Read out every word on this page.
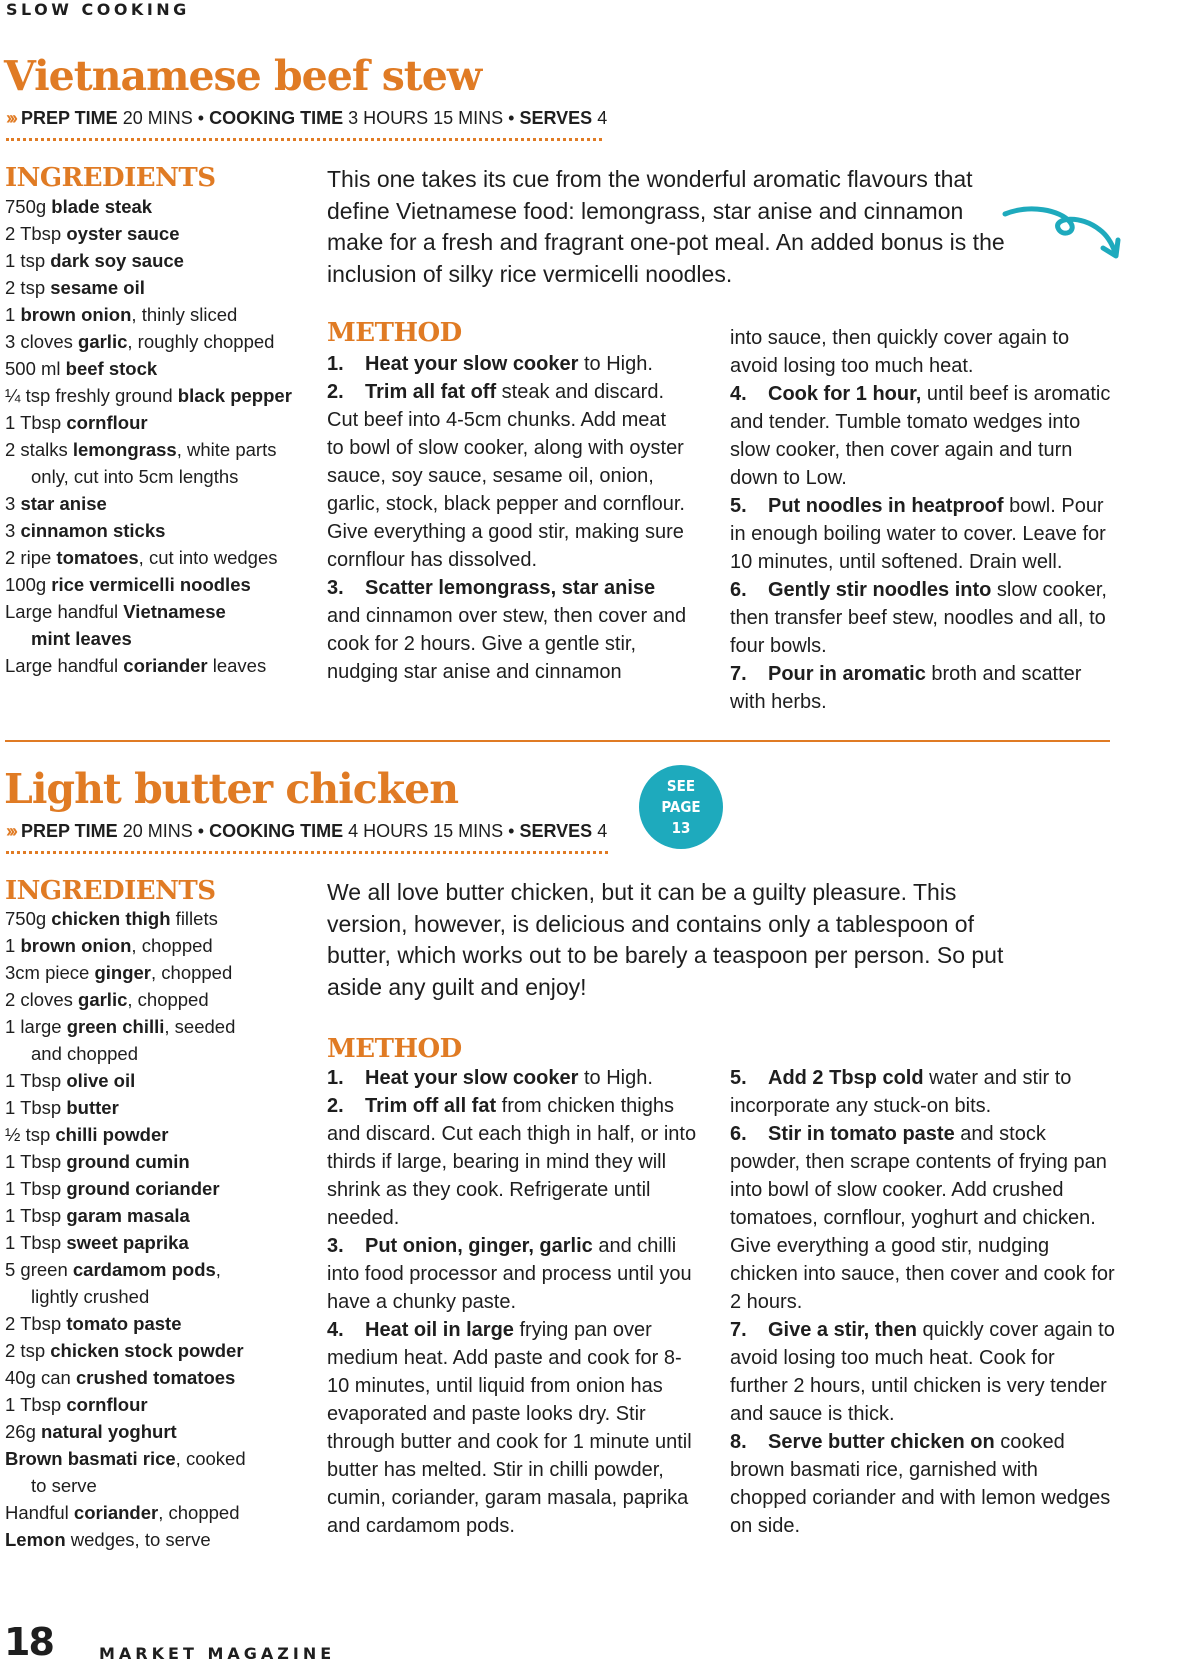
SLOW COOKING
Vietnamese beef stew
››› PREP TIME 20 MINS • COOKING TIME 3 HOURS 15 MINS • SERVES 4
INGREDIENTS
750g blade steak
2 Tbsp oyster sauce
1 tsp dark soy sauce
2 tsp sesame oil
1 brown onion, thinly sliced
3 cloves garlic, roughly chopped
500 ml beef stock
¼ tsp freshly ground black pepper
1 Tbsp cornflour
2 stalks lemongrass, white parts
only, cut into 5cm lengths
3 star anise
3 cinnamon sticks
2 ripe tomatoes, cut into wedges
100g rice vermicelli noodles
Large handful Vietnamese
mint leaves
Large handful coriander leaves
This one takes its cue from the wonderful aromatic flavours that define Vietnamese food: lemongrass, star anise and cinnamon make for a fresh and fragrant one-pot meal. An added bonus is the inclusion of silky rice vermicelli noodles.
METHOD
1. Heat your slow cooker to High.
2. Trim all fat off steak and discard. Cut beef into 4-5cm chunks. Add meat to bowl of slow cooker, along with oyster sauce, soy sauce, sesame oil, onion, garlic, stock, black pepper and cornflour. Give everything a good stir, making sure cornflour has dissolved.
3. Scatter lemongrass, star anise and cinnamon over stew, then cover and cook for 2 hours. Give a gentle stir, nudging star anise and cinnamon
into sauce, then quickly cover again to avoid losing too much heat.
4. Cook for 1 hour, until beef is aromatic and tender. Tumble tomato wedges into slow cooker, then cover again and turn down to Low.
5. Put noodles in heatproof bowl. Pour in enough boiling water to cover. Leave for 10 minutes, until softened. Drain well.
6. Gently stir noodles into slow cooker, then transfer beef stew, noodles and all, to four bowls.
7. Pour in aromatic broth and scatter with herbs.
Light butter chicken	SEE
PAGE
13
››› PREP TIME 20 MINS • COOKING TIME 4 HOURS 15 MINS • SERVES 4
INGREDIENTS
750g chicken thigh fillets
1 brown onion, chopped
3cm piece ginger, chopped
2 cloves garlic, chopped
1 large green chilli, seeded
and chopped
1 Tbsp olive oil
1 Tbsp butter
½ tsp chilli powder
1 Tbsp ground cumin
1 Tbsp ground coriander
1 Tbsp garam masala
1 Tbsp sweet paprika
5 green cardamom pods,
lightly crushed
2 Tbsp tomato paste
2 tsp chicken stock powder
40g can crushed tomatoes
1 Tbsp cornflour
26g natural yoghurt
Brown basmati rice, cooked
to serve
Handful coriander, chopped
Lemon wedges, to serve
We all love butter chicken, but it can be a guilty pleasure. This version, however, is delicious and contains only a tablespoon of butter, which works out to be barely a teaspoon per person. So put aside any guilt and enjoy!
METHOD
1. Heat your slow cooker to High.
2. Trim off all fat from chicken thighs and discard. Cut each thigh in half, or into thirds if large, bearing in mind they will shrink as they cook. Refrigerate until needed.
3. Put onion, ginger, garlic and chilli into food processor and process until you have a chunky paste.
4. Heat oil in large frying pan over medium heat. Add paste and cook for 8-10 minutes, until liquid from onion has evaporated and paste looks dry. Stir through butter and cook for 1 minute until butter has melted. Stir in chilli powder, cumin, coriander, garam masala, paprika and cardamom pods.
5. Add 2 Tbsp cold water and stir to incorporate any stuck-on bits.
6. Stir in tomato paste and stock powder, then scrape contents of frying pan into bowl of slow cooker. Add crushed tomatoes, cornflour, yoghurt and chicken. Give everything a good stir, nudging chicken into sauce, then cover and cook for 2 hours.
7. Give a stir, then quickly cover again to avoid losing too much heat. Cook for further 2 hours, until chicken is very tender and sauce is thick.
8. Serve butter chicken on cooked brown basmati rice, garnished with chopped coriander and with lemon wedges on side.
18	MARKET MAGAZINE
